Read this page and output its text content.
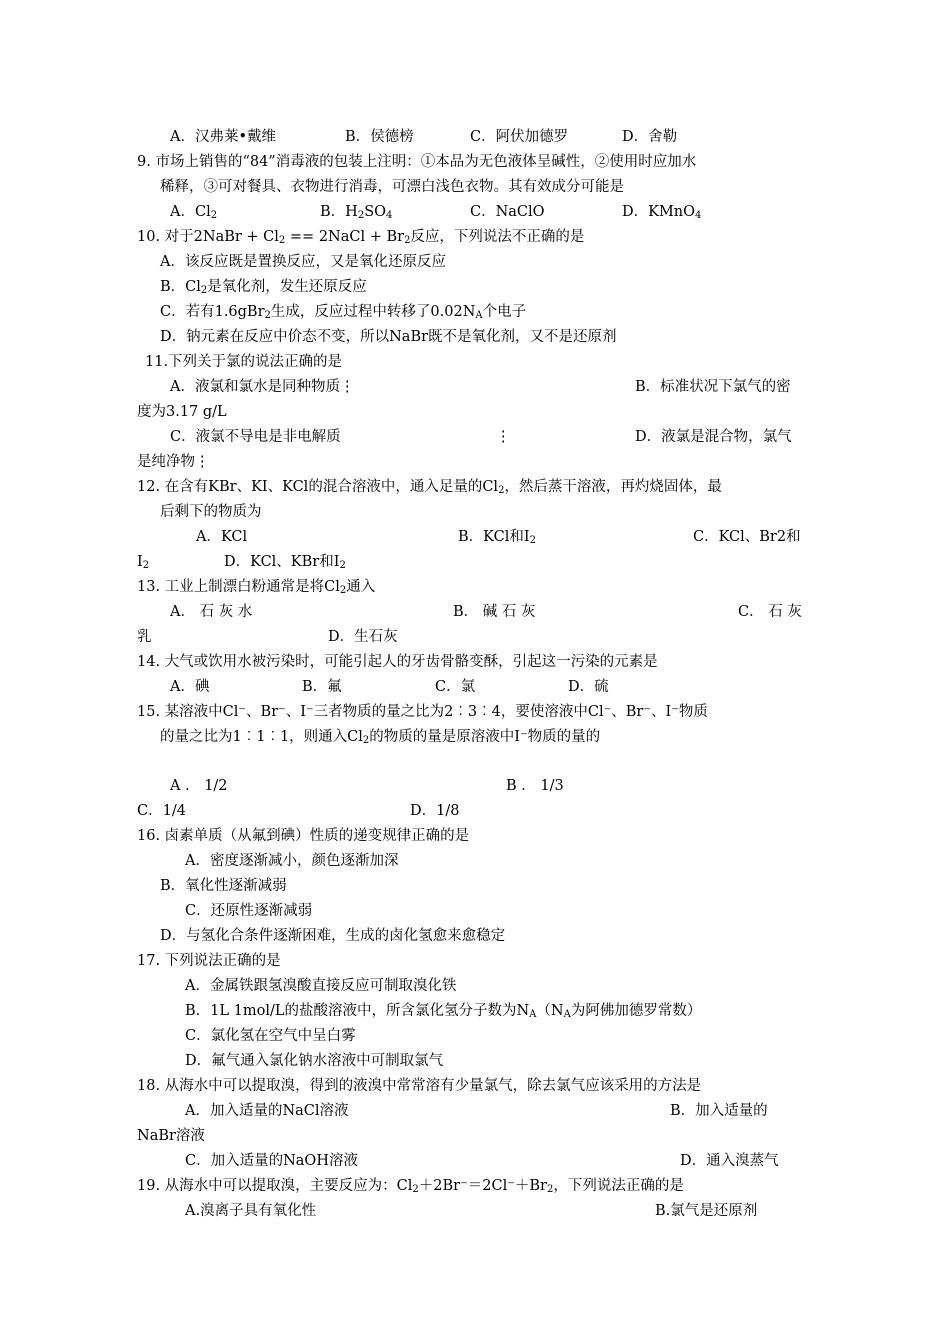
A．汉弗莱•戴维	B．侯德榜	C．阿伏加德罗	D．舍勒
9. 市场上销售的“84”消毒液的包装上注明：①本品为无色液体呈碱性，②使用时应加水
稀释，③可对餐具、衣物进行消毒，可漂白浅色衣物。其有效成分可能是
A．$Cl_2$	B．$H_2SO_4$	C．NaClO	D．KMnO$_4$
10. 对于2NaBr + $Cl_2$ == 2NaCl + $Br_2$反应，下列说法不正确的是
A．该反应既是置换反应，又是氧化还原反应
B．$Cl_2$是氧化剂，发生还原反应
C．若有1.6gBr$_2$生成，反应过程中转移了$0.02N_A$个电子
D．钠元素在反应中价态不变，所以NaBr既不是氧化剂，又不是还原剂
11.下列关于氯的说法正确的是
A．液氯和氯水是同种物质⋮	B．标准状况下氯气的密
度为3.17 g/L
C．液氯不导电是非电解质	⋮	D．液氯是混合物，氯气
是纯净物⋮
12. 在含有KBr、KI、KCl的混合溶液中，通入足量的$Cl_2$，然后蒸干溶液，再灼烧固体，最
后剩下的物质为
A．KCl	B．KCl和$I_2$	C．KCl、Br2和
$I_2$	D．KCl、KBr和$I_2$
13. 工业上制漂白粉通常是将$Cl_2$通入
A． 石 灰 水	B． 碱 石 灰	C． 石 灰
乳	D．生石灰
14. 大气或饮用水被污染时，可能引起人的牙齿骨骼变酥，引起这一污染的元素是
A．碘	B．氟	C．氯	D．硫
15. 某溶液中Cl⁻、Br⁻、I⁻三者物质的量之比为2︰3︰4，要使溶液中Cl⁻、Br⁻、I⁻物质
的量之比为1︰1︰1，则通入$Cl_2$的物质的量是原溶液中I⁻物质的量的
A ． 1/2	B ． 1/3
C．1/4	D．1/8
16. 卤素单质（从氟到碘）性质的递变规律正确的是
A．密度逐渐减小，颜色逐渐加深
B．氧化性逐渐减弱
C．还原性逐渐减弱
D．与氢化合条件逐渐困难，生成的卤化氢愈来愈稳定
17. 下列说法正确的是
A．金属铁跟氢溴酸直接反应可制取溴化铁
B．1L 1mol/L的盐酸溶液中，所含氯化氢分子数为$N_A(N_A$为阿佛加德罗常数）
C．氯化氢在空气中呈白雾
D．氟气通入氯化钠水溶液中可制取氯气
18. 从海水中可以提取溴，得到的液溴中常常溶有少量氯气，除去氯气应该采用的方法是
A．加入适量的NaCl溶液	B．加入适量的
NaBr溶液
C．加入适量的NaOH溶液	D．通入溴蒸气
19. 从海水中可以提取溴，主要反应为：$Cl_2+2Br^-=2Cl^-+Br_2$，下列说法正确的是
A.溴离子具有氧化性	B.氯气是还原剂
